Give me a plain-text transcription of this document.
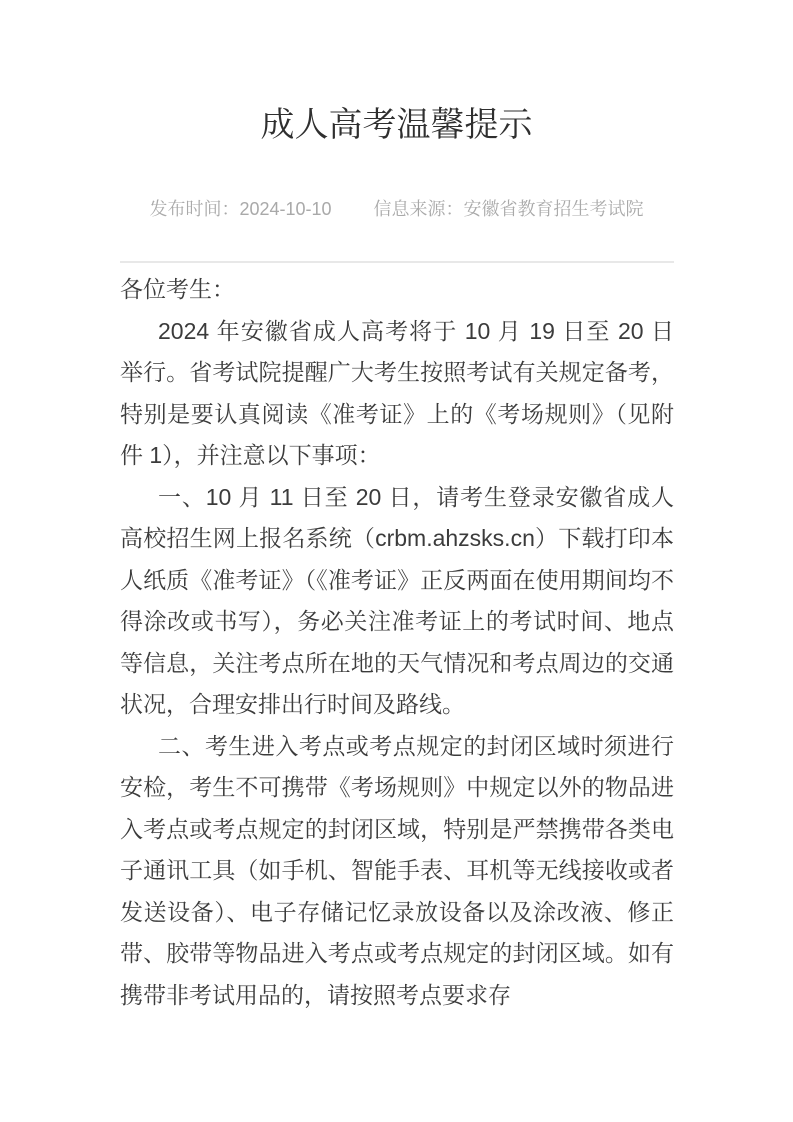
成人高考温馨提示
发布时间：2024-10-10 信息来源：安徽省教育招生考试院

各位考生：

2024 年安徽省成人高考将于 10 月 19 日至 20 日举行。省考试院提醒广大考生按照考试有关规定备考，特别是要认真阅读《准考证》上的《考场规则》（见附件 1），并注意以下事项：

一、10 月 11 日至 20 日，请考生登录安徽省成人高校招生网上报名系统（crbm.ahzsks.cn）下载打印本人纸质《准考证》（《准考证》正反两面在使用期间均不得涂改或书写），务必关注准考证上的考试时间、地点等信息，关注考点所在地的天气情况和考点周边的交通状况，合理安排出行时间及路线。

二、考生进入考点或考点规定的封闭区域时须进行安检，考生不可携带《考场规则》中规定以外的物品进入考点或考点规定的封闭区域，特别是严禁携带各类电子通讯工具（如手机、智能手表、耳机等无线接收或者发送设备）、电子存储记忆录放设备以及涂改液、修正带、胶带等物品进入考点或考点规定的封闭区域。如有携带非考试用品的，请按照考点要求存
